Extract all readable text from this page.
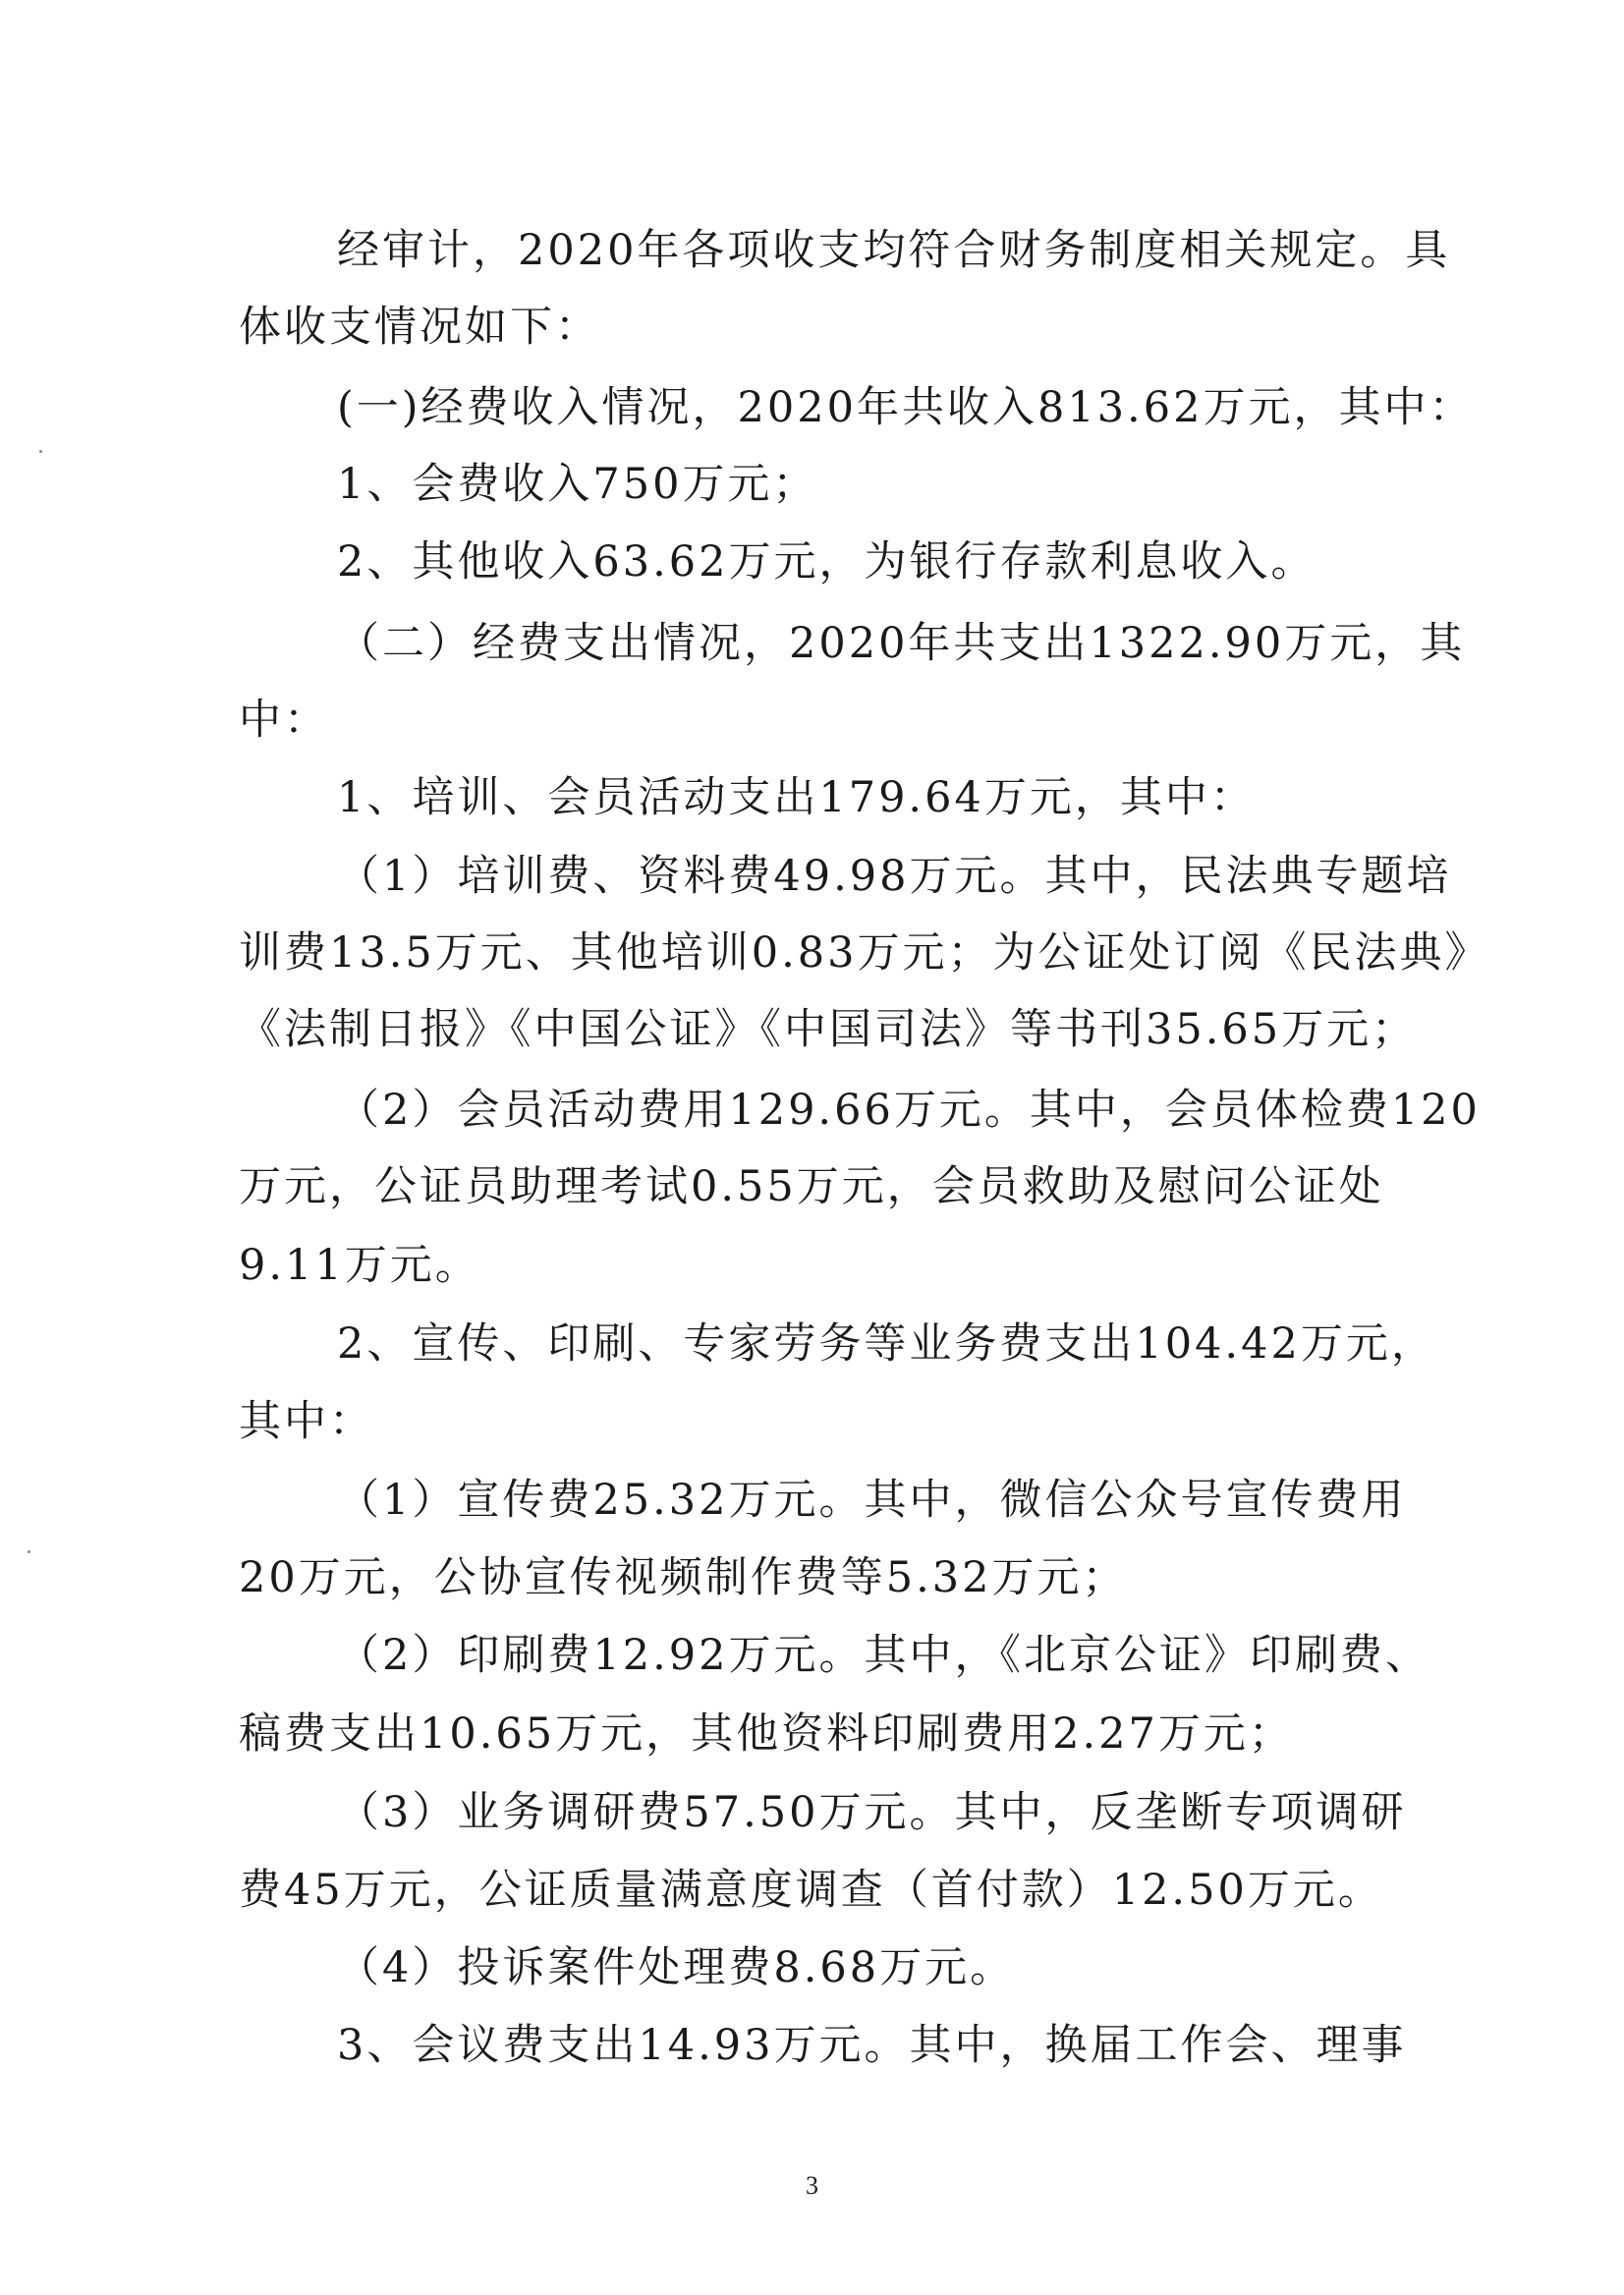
经审计，2020年各项收支均符合财务制度相关规定。具
体收支情况如下：
(一)经费收入情况，2020年共收入813.62万元，其中：
1、会费收入750万元；
2、其他收入63.62万元，为银行存款利息收入。
（二）经费支出情况，2020年共支出1322.90万元，其
中：
1、培训、会员活动支出179.64万元，其中：
（1）培训费、资料费49.98万元。其中，民法典专题培
训费13.5万元、其他培训0.83万元；为公证处订阅《民法典》
《法制日报》《中国公证》《中国司法》等书刊35.65万元；
（2）会员活动费用129.66万元。其中，会员体检费120
万元，公证员助理考试0.55万元，会员救助及慰问公证处
9.11万元。
2、宣传、印刷、专家劳务等业务费支出104.42万元，
其中：
（1）宣传费25.32万元。其中，微信公众号宣传费用
20万元，公协宣传视频制作费等5.32万元；
（2）印刷费12.92万元。其中，《北京公证》印刷费、
稿费支出10.65万元，其他资料印刷费用2.27万元；
（3）业务调研费57.50万元。其中，反垄断专项调研
费45万元，公证质量满意度调查（首付款）12.50万元。
（4）投诉案件处理费8.68万元。
3、会议费支出14.93万元。其中，换届工作会、理事
3
